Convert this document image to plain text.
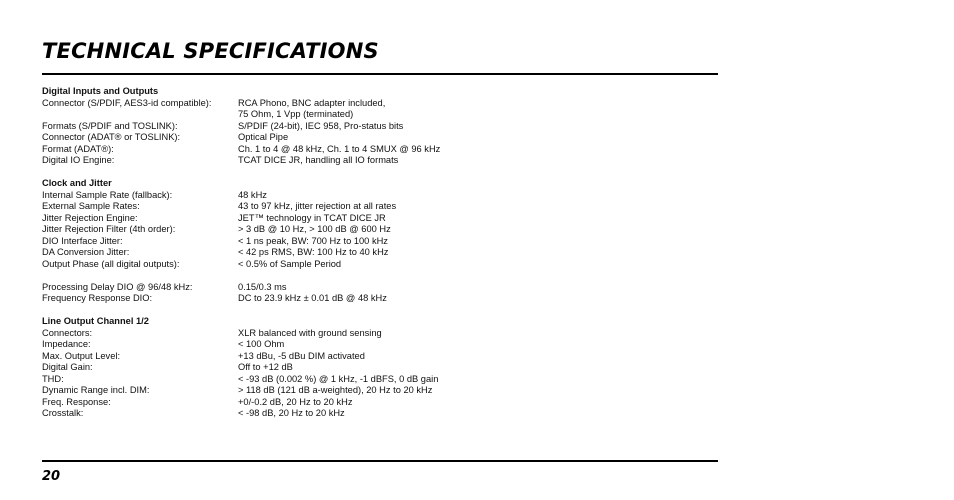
TECHNICAL SPECIFICATIONS
Digital Inputs and Outputs
Connector (S/PDIF, AES3-id compatible):	RCA Phono, BNC adapter included,
75 Ohm, 1 Vpp (terminated)
Formats (S/PDIF and TOSLINK):	S/PDIF (24-bit), IEC 958, Pro-status bits
Connector (ADAT® or TOSLINK):	Optical Pipe
Format (ADAT®):	Ch. 1 to 4 @ 48 kHz, Ch. 1 to 4 SMUX @ 96 kHz
Digital IO Engine:	TCAT DICE JR, handling all IO formats
Clock and Jitter
Internal Sample Rate (fallback):	48 kHz
External Sample Rates:	43 to 97 kHz, jitter rejection at all rates
Jitter Rejection Engine:	JET™ technology in TCAT DICE JR
Jitter Rejection Filter (4th order):	> 3 dB @ 10 Hz, > 100 dB @ 600 Hz
DIO Interface Jitter:	< 1 ns peak, BW: 700 Hz to 100 kHz
DA Conversion Jitter:	< 42 ps RMS, BW: 100 Hz to 40 kHz
Output Phase (all digital outputs):	< 0.5% of Sample Period
Processing Delay DIO @ 96/48 kHz:	0.15/0.3 ms
Frequency Response DIO:	DC to 23.9 kHz ± 0.01 dB @ 48 kHz
Line Output Channel 1/2
Connectors:	XLR balanced with ground sensing
Impedance:	< 100 Ohm
Max. Output Level:	+13 dBu, -5 dBu DIM activated
Digital Gain:	Off to +12 dB
THD:	< -93 dB (0.002 %) @ 1 kHz, -1 dBFS, 0 dB gain
Dynamic Range incl. DIM:	> 118 dB (121 dB a-weighted), 20 Hz to 20 kHz
Freq. Response:	+0/-0.2 dB, 20 Hz to 20 kHz
Crosstalk:	< -98 dB, 20 Hz to 20 kHz
20
